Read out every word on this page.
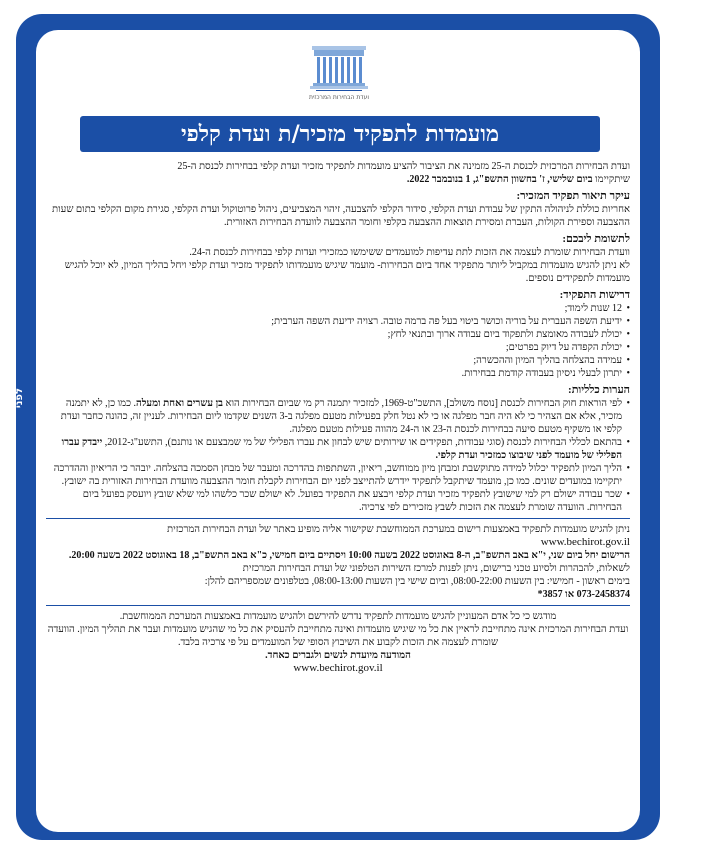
לפני
ועדת הבחירות המרכזית
מועמדות לתפקיד מזכיר/ת ועדת קלפי

ועדת הבחירות המרכזית לכנסת ה-25 מזמינה את הציבור להציע מועמדות לתפקיד מזכיר ועדת קלפי בבחירות לכנסת ה-25

שיתקיימו ביום שלישי, ז' בחשוון התשפ"ג, 1 בנובמבר 2022.

עיקר תיאור תפקיד המזכיר:

אחריות כוללת לניהולה התקין של עבודת ועדת הקלפי, סידור הקלפי להצבעה, זיהוי המצביעים, ניהול פרוטוקול ועדת הקלפי, סגירת מקום הקלפי בתום שעות ההצבעה וספירת הקולות, העברת ומסירת תוצאות ההצבעה בקלפי וחומר ההצבעה לוועדת הבחירות האזורית.

לתשומת ליבכם:

וועדת הבחירות שומרת לעצמה את הזכות לתת עדיפות למועמדים ששימשו כמזכירי ועדות קלפי בבחירות לכנסת ה-24.

לא ניתן להגיש מועמדות במקביל ליותר מתפקיד אחד ביום הבחירות- מועמד שיגיש מועמדותו לתפקיד מזכיר ועדת קלפי ויחל בהליך המיון, לא יוכל להגיש מועמדות לתפקידים נוספים.

דרישות התפקיד:

• 12 שנות לימוד;
• ידיעת השפה העברית על בוריה וכושר ביטוי בעל פה ברמה טובה. רצויה ידיעת השפה הערבית;
• יכולת לעבודה מאומצת ולתפקוד ביום עבודה ארוך ובתנאי לחץ;
• יכולת הקפדה על דיוק בפרטים;
• עמידה בהצלחה בהליך המיון וההכשרה;
• יתרון לבעלי ניסיון בעבודה קודמת בבחירות.

הערות כלליות:

• לפי הוראות חוק הבחירות לכנסת [נוסח משולב], התשכ"ט-1969, למזכיר יתמנה רק מי שביום הבחירות הוא בן עשרים ואחת ומעלה. כמו כן, לא יתמנה מזכיר, אלא אם הצהיר כי לא היה חבר מפלגה או כי לא נטל חלק בפעילות מטעם מפלגה ב-3 השנים שקדמו ליום הבחירות. לעניין זה, כהונה כחבר ועדת קלפי או משקיף מטעם סיעה בבחירות לכנסת ה-23 או ה-24 מהווה פעילות מטעם מפלגה.
• בהתאם לכללי הבחירות לכנסת (סוגי עבודות, תפקידים או שירותים שיש לבחון את עברו הפלילי של מי שמבצעם או נותנם), התשע"ג-2012, ייבדק עברו הפלילי של מועמד לפני שיבוצו כמזכיר ועדת קלפי.
• הליך המיון לתפקיד יכלול למידה מתוקשבת ומבחן מיון ממוחשב, ריאיון, השתתפות בהדרכה ומעבר של מבחן הסמכה בהצלחה. יובהר כי הריאיון וההדרכה יתקיימו במועדים שונים. כמו כן, מועמד שיתקבל לתפקיד יידרש להתייצב לפני יום הבחירות לקבלת חומר ההצבעה מוועדת הבחירות האזורית בה ישובץ.
• שכר עבודה ישולם רק למי שישובץ לתפקיד מזכיר ועדת קלפי ויבצע את התפקיד בפועל. לא ישולם שכר כלשהו למי שלא שובץ ויועסק בפועל ביום הבחירות. הוועדה שומרת לעצמה את הזכות לשבץ מזכירים לפי צרכיה.

ניתן להגיש מועמדות לתפקיד באמצעות רישום במערכת הממוחשבת שקישור אליה מופיע באתר של ועדת הבחירות המרכזית

www.bechirot.gov.il

הרישום יחל ביום שני, י"א באב התשפ"ב, ה-8 באוגוסט 2022 בשעה 10:00 ויסתיים ביום חמישי, כ"א באב התשפ"ב, 18 באוגוסט 2022 בשעה 20:00.

לשאלות, להבהרות ולסיוע טכני ברישום, ניתן לפנות למרכז השירות הטלפוני של ועדת הבחירות המרכזית

בימים ראשון - חמישי: בין השעות 08:00-22:00, וביום שישי בין השעות 08:00-13:00, בטלפונים שמספריהם להלן:

073-2458374 או 3857*

מודגש כי כל אדם המעוניין להגיש מועמדות לתפקיד נדרש להירשם ולהגיש מועמדות באמצעות המערכת הממוחשבת.

ועדת הבחירות המרכזית אינה מתחייבת לראיין את כל מי שיגיש מועמדות ואינה מתחייבת להעסיק את כל מי שהגיש מועמדות ועבר את תהליך המיון. הוועדה שומרת לעצמה את הזכות לקבוע את השיבוץ הסופי של המועמדים על פי צרכיה בלבד.

המודעה מיועדת לנשים ולגברים כאחד.

www.bechirot.gov.il
